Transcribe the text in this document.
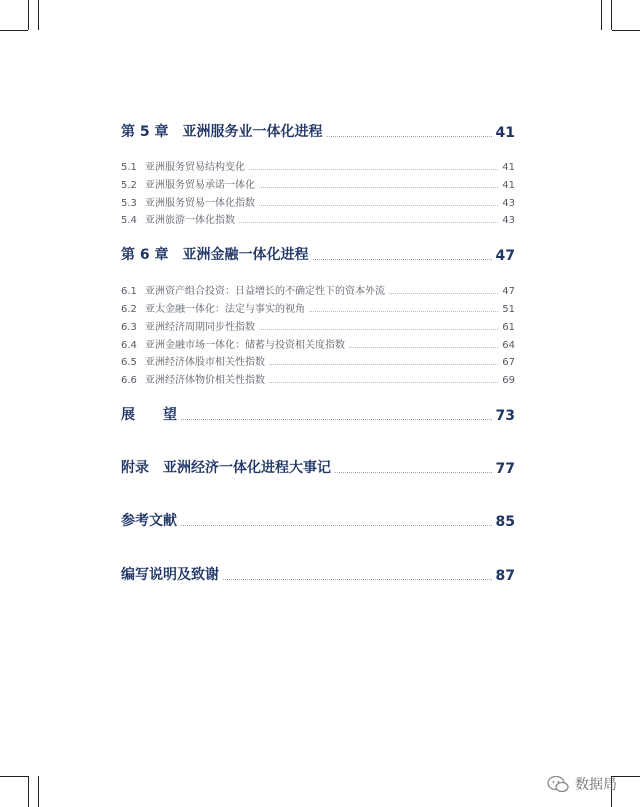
第 5 章 亚洲服务业一体化进程	41
5.1 亚洲服务贸易结构变化	41
5.2 亚洲服务贸易承诺一体化	41
5.3 亚洲服务贸易一体化指数	43
5.4 亚洲旅游一体化指数	43
第 6 章 亚洲金融一体化进程	47
6.1 亚洲资产组合投资：日益增长的不确定性下的资本外流	47
6.2 亚太金融一体化：法定与事实的视角	51
6.3 亚洲经济周期同步性指数	61
6.4 亚洲金融市场一体化：储蓄与投资相关度指数	64
6.5 亚洲经济体股市相关性指数	67
6.6 亚洲经济体物价相关性指数	69
展　　望	73
附录 亚洲经济一体化进程大事记	77
参考文献	85
编写说明及致谢	87
数据局
